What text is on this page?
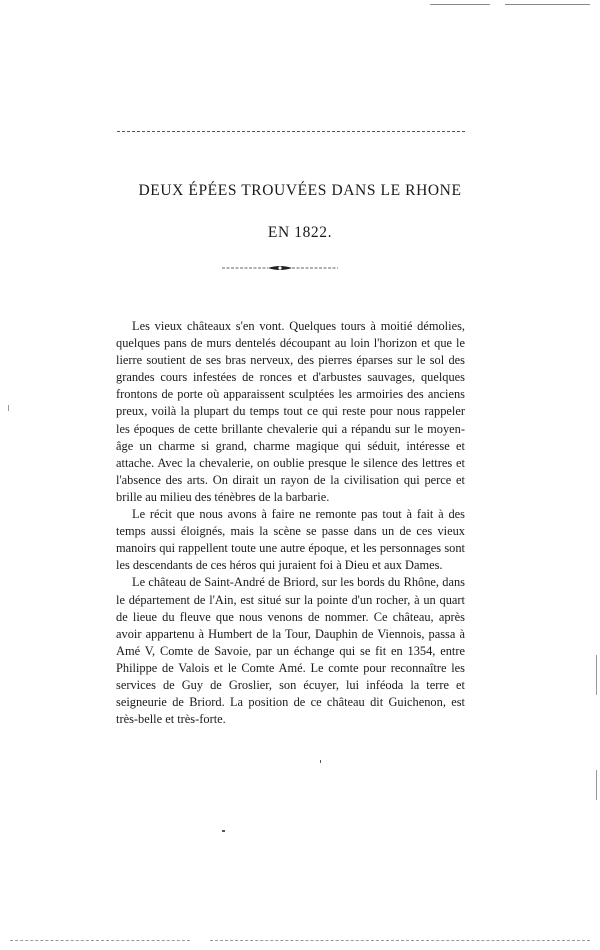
DEUX ÉPÉES TROUVÉES DANS LE RHONE
EN 1822.

Les vieux châteaux s'en vont. Quelques tours à moitié démolies, quelques pans de murs dentelés découpant au loin l'horizon et que le lierre soutient de ses bras nerveux, des pierres éparses sur le sol des grandes cours infestées de ronces et d'arbustes sauvages, quelques frontons de porte où apparaissent sculptées les armoiries des anciens preux, voilà la plupart du temps tout ce qui reste pour nous rappeler les époques de cette brillante chevalerie qui a répandu sur le moyen-âge un charme si grand, charme magique qui séduit, intéresse et attache. Avec la chevalerie, on oublie presque le silence des lettres et l'absence des arts. On dirait un rayon de la civilisation qui perce et brille au milieu des ténèbres de la barbarie.

Le récit que nous avons à faire ne remonte pas tout à fait à des temps aussi éloignés, mais la scène se passe dans un de ces vieux manoirs qui rappellent toute une autre époque, et les personnages sont les descendants de ces héros qui juraient foi à Dieu et aux Dames.

Le château de Saint-André de Briord, sur les bords du Rhône, dans le département de l'Ain, est situé sur la pointe d'un rocher, à un quart de lieue du fleuve que nous venons de nommer. Ce château, après avoir appartenu à Humbert de la Tour, Dauphin de Viennois, passa à Amé V, Comte de Savoie, par un échange qui se fit en 1354, entre Philippe de Valois et le Comte Amé. Le comte pour reconnaître les services de Guy de Groslier, son écuyer, lui inféoda la terre et seigneurie de Briord. La position de ce château dit Guichenon, est très-belle et très-forte.
